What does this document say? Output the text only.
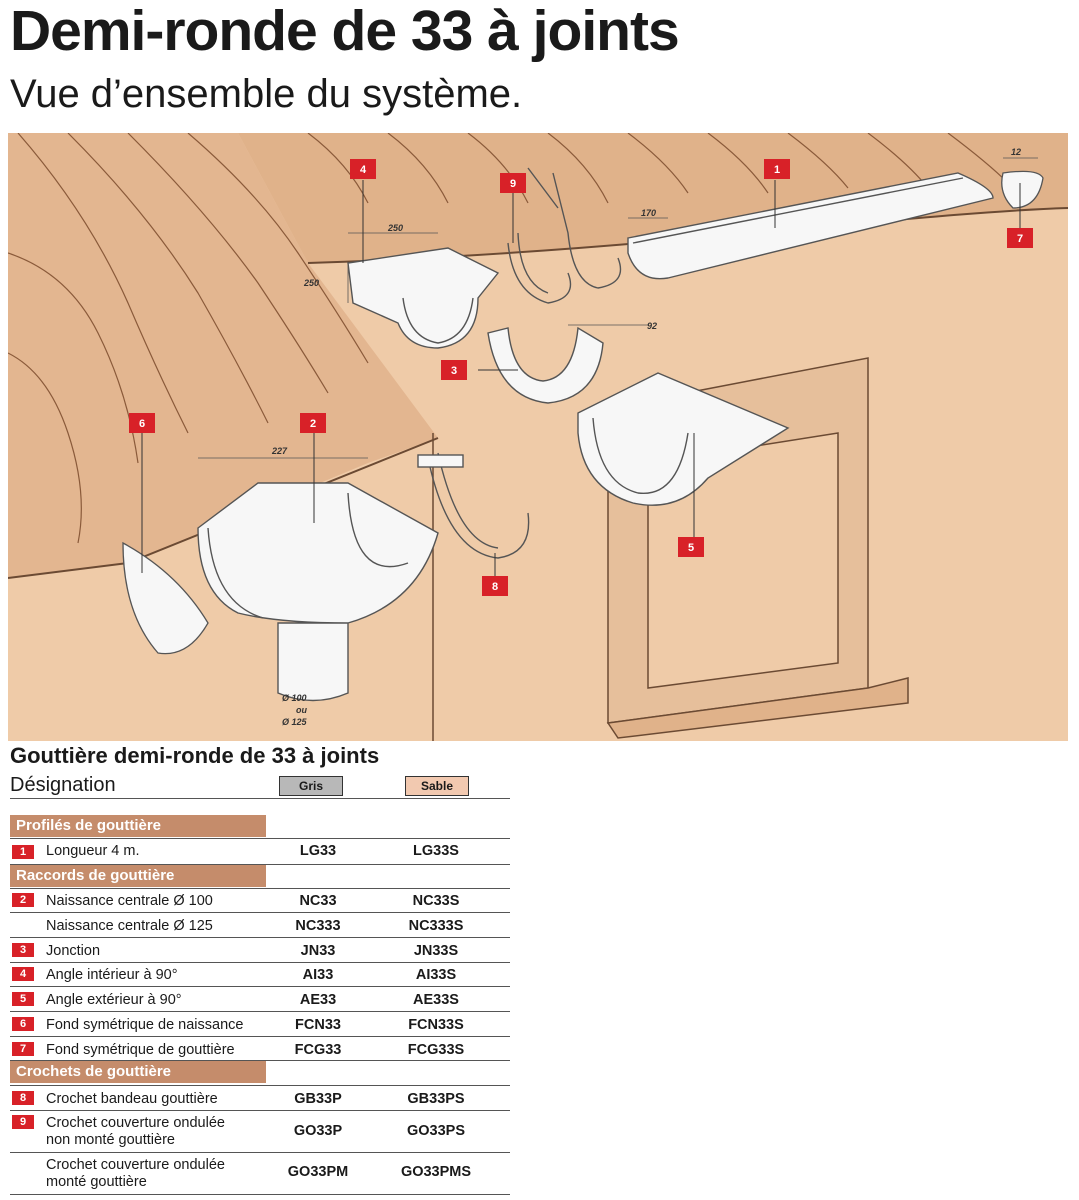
Demi-ronde de 33 à joints
Vue d’ensemble du système.
250
250
170
12
92
227
Ø 100
ou
Ø 125
1
2
3
4
5
6
7
8
9
Gouttière demi-ronde de 33 à joints
Désignation	Gris	Sable
Profilés de gouttière
1	Longueur 4 m.	LG33	LG33S
Raccords de gouttière
2	Naissance centrale Ø 100	NC33	NC33S
Naissance centrale Ø 125	NC333	NC333S
3	Jonction	JN33	JN33S
4	Angle intérieur à 90°	AI33	AI33S
5	Angle extérieur à 90°	AE33	AE33S
6	Fond symétrique de naissance	FCN33	FCN33S
7	Fond symétrique de gouttière	FCG33	FCG33S
Crochets de gouttière
8	Crochet bandeau gouttière	GB33P	GB33PS
9	Crochet couverture ondulée
non monté gouttière
GO33P	GO33PS
Crochet couverture ondulée
monté gouttière
GO33PM	GO33PMS
